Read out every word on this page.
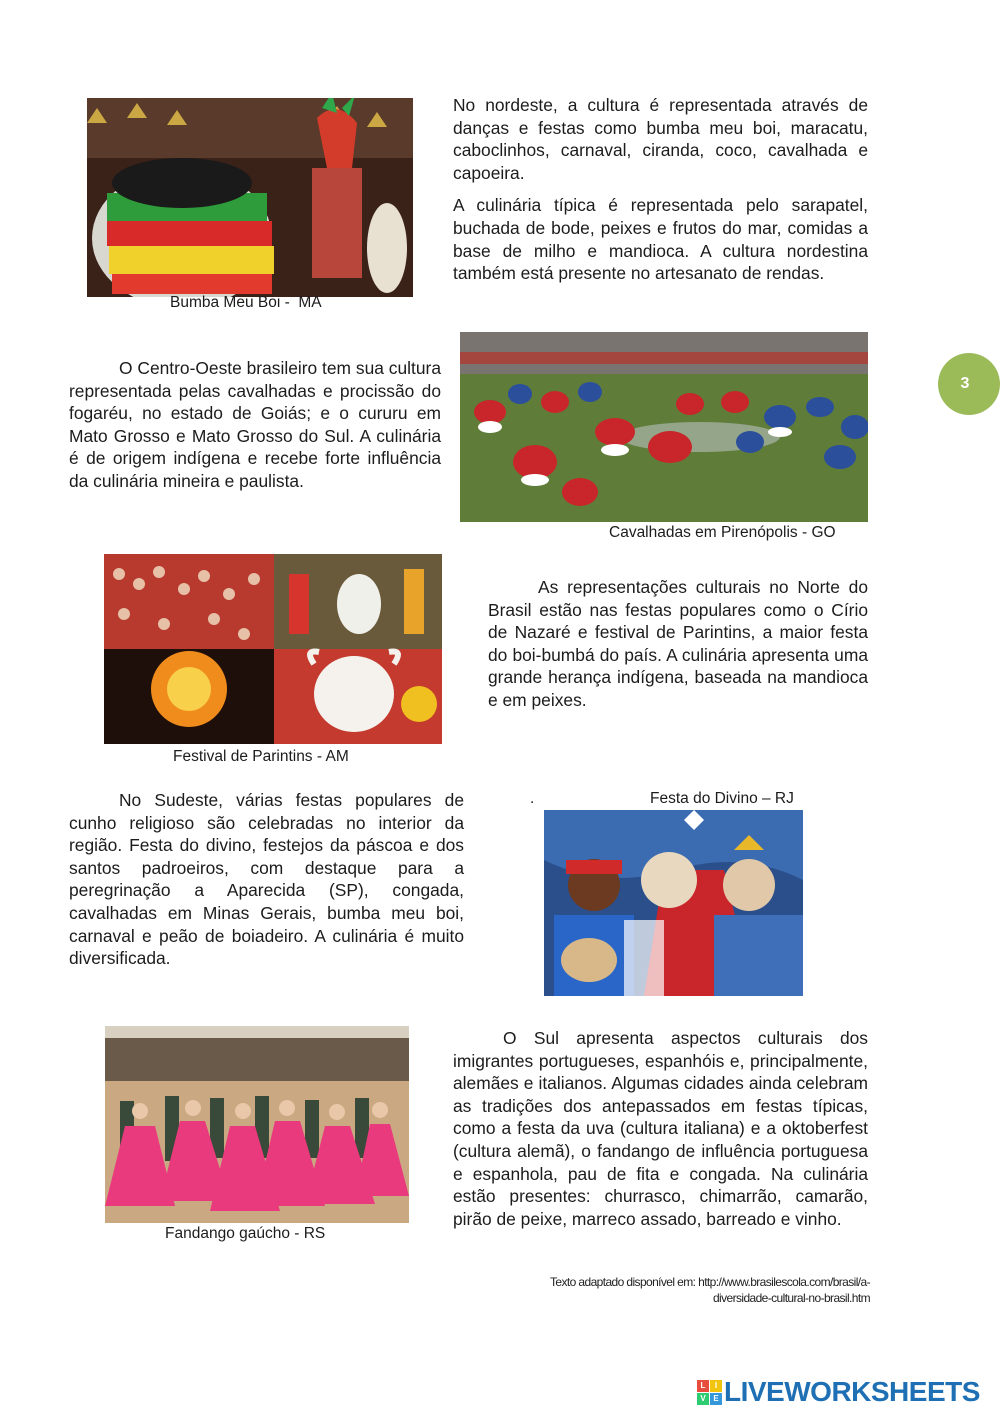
Bumba Meu Boi -  MA

No nordeste, a cultura é representada através de danças e festas como bumba meu boi, maracatu, caboclinhos, carnaval, ciranda, coco, cavalhada e capoeira.

A culinária típica é representada pelo sarapatel, buchada de bode, peixes e frutos do mar, comidas a base de milho e mandioca. A cultura nordestina também está presente no artesanato de rendas.

3
O Centro-Oeste brasileiro tem sua cultura representada pelas cavalhadas e procissão do fogaréu, no estado de Goiás; e o cururu em Mato Grosso e Mato Grosso do Sul. A culinária é de origem indígena e recebe forte influência da culinária mineira e paulista.
Cavalhadas em Pirenópolis - GO
Festival de Parintins - AM
As representações culturais no Norte do Brasil estão nas festas populares como o Círio de Nazaré e festival de Parintins, a maior festa do boi-bumbá do país. A culinária apresenta uma grande herança indígena, baseada na mandioca e em peixes.
No Sudeste, várias festas populares de cunho religioso são celebradas no interior da região. Festa do divino, festejos da páscoa e dos santos padroeiros, com destaque para a peregrinação a Aparecida (SP), congada, cavalhadas em Minas Gerais, bumba meu boi, carnaval e peão de boiadeiro. A culinária é muito diversificada.
.	Festa do Divino – RJ
Fandango gaúcho - RS
O Sul apresenta aspectos culturais dos imigrantes portugueses, espanhóis e, principalmente, alemães e italianos. Algumas cidades ainda celebram as tradições dos antepassados em festas típicas, como a festa da uva (cultura italiana) e a oktoberfest (cultura alemã), o fandango de influência portuguesa e espanhola, pau de fita e congada. Na culinária estão presentes: churrasco, chimarrão, camarão, pirão de peixe, marreco assado, barreado e vinho.
Texto adaptado disponível em: http://www.brasilescola.com/brasil/a-
diversidade-cultural-no-brasil.htm
L	I
V E LIVEWORKSHEETS
